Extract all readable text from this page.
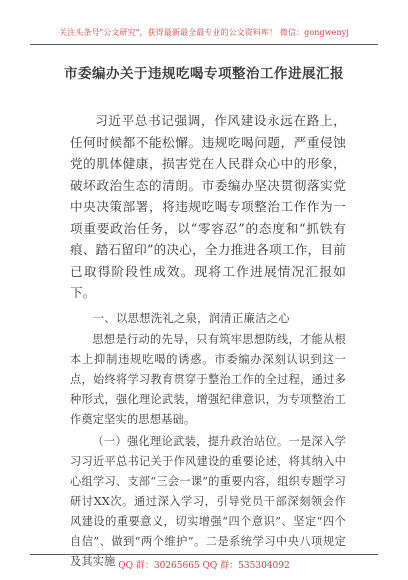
关注头条号"公文研究"，获得最新最全最专业的公文资料库！ 微信：gongwenyj
市委编办关于违规吃喝专项整治工作进展汇报

习近平总书记强调，作风建设永远在路上，任何时候都不能松懈。违规吃喝问题，严重侵蚀党的肌体健康，损害党在人民群众心中的形象，破坏政治生态的清朗。市委编办坚决贯彻落实党中央决策部署，将违规吃喝专项整治工作作为一项重要政治任务，以“零容忍”的态度和“抓铁有痕、踏石留印”的决心，全力推进各项工作，目前已取得阶段性成效。现将工作进展情况汇报如下。

一、以思想洗礼之泉，润清正廉洁之心

思想是行动的先导，只有筑牢思想防线，才能从根本上抑制违规吃喝的诱惑。市委编办深刻认识到这一点，始终将学习教育贯穿于整治工作的全过程，通过多种形式，强化理论武装，增强纪律意识，为专项整治工作奠定坚实的思想基础。

（一）强化理论武装，提升政治站位。一是深入学习习近平总书记关于作风建设的重要论述，将其纳入中心组学习、支部“三会一课”的重要内容，组织专题学习研讨XX次。通过深入学习，引导党员干部深刻领会作风建设的重要意义，切实增强“四个意识”、坚定“四个自信”、做到“两个维护”。二是系统学习中央八项规定及其实施 QQ 群：30265665 QQ 群：535304092
